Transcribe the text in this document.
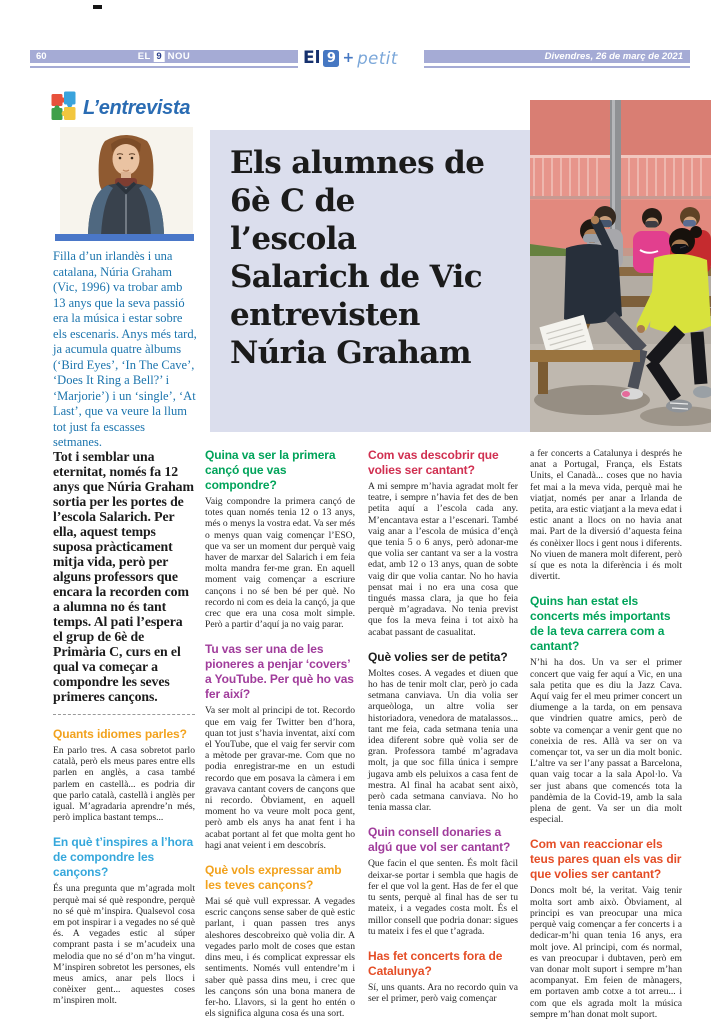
60	EL 9 NOU	El 9 + petit	Divendres, 26 de març de 2021
L’entrevista
Els alumnes de 6è C de l’escola Salarich de Vic entrevisten Núria Graham

Filla d’un irlandès i una catalana, Núria Graham (Vic, 1996) va trobar amb 13 anys que la seva passió era la música i estar sobre els escenaris. Anys més tard, ja acumula quatre àlbums (‘Bird Eyes’, ‘In The Cave’, ‘Does It Ring a Bell?’ i ‘Marjorie’) i un ‘single’, ‘At Last’, que va veure la llum tot just fa escasses setmanes.

Tot i semblar una eternitat, només fa 12 anys que Núria Graham sortia per les portes de l’escola Salarich. Per ella, aquest temps suposa pràcticament mitja vida, però per alguns professors que encara la recorden com a alumna no és tant temps. Al pati l’espera el grup de 6è de Primària C, curs en el qual va começar a compondre les seves primeres cançons.

Quants idiomes parles?

En parlo tres. A casa sobretot parlo català, però els meus pares entre ells parlen en anglès, a casa també parlem en castellà... es podria dir que parlo català, castellà i anglès per igual. M’agradaria aprendre’n més, però implica bastant temps...

En què t’inspires a l’hora de compondre les cançons?

És una pregunta que m’agrada molt perquè mai sé què respondre, perquè no sé què m’inspira. Qualsevol cosa em pot inspirar i a vegades no sé què és. A vegades estic al súper comprant pasta i se m’acudeix una melodia que no sé d’on m’ha vingut. M’inspiren sobretot les persones, els meus amics, anar pels llocs i conèixer gent... aquestes coses m’inspiren molt.

Quina va ser la primera cançó que vas compondre?

Vaig compondre la primera cançó de totes quan només tenia 12 o 13 anys, més o menys la vostra edat. Va ser més o menys quan vaig començar l’ESO, que va ser un moment dur perquè vaig haver de marxar del Salarich i em feia molta mandra fer-me gran. En aquell moment vaig començar a escriure cançons i no sé ben bé per què. No recordo ni com es deia la cançó, ja que crec que era una cosa molt simple. Però a partir d’aquí ja no vaig parar.

Tu vas ser una de les pioneres a penjar ‘covers’ a YouTube. Per què ho vas fer així?

Va ser molt al principi de tot. Recordo que em vaig fer Twitter ben d’hora, quan tot just s’havia inventat, així com el YouTube, que el vaig fer servir com a mètode per gravar-me. Com que no podia enregistrar-me en un estudi recordo que em posava la càmera i em gravava cantant covers de cançons que ni recordo. Òbviament, en aquell moment ho va veure molt poca gent, però amb els anys ha anat fent i ha acabat portant al fet que molta gent ho hagi anat veient i em descobrís.

Què vols expressar amb les teves cançons?

Mai sé què vull expressar. A vegades escric cançons sense saber de què estic parlant, i quan passen tres anys aleshores descobreixo què volia dir. A vegades parlo molt de coses que estan dins meu, i és complicat expressar els sentiments. Només vull entendre’m i saber què passa dins meu, i crec que les cançons són una bona manera de fer-ho. Llavors, si la gent ho entén o els significa alguna cosa és una sort.

Com vas descobrir que volies ser cantant?

A mi sempre m’havia agradat molt fer teatre, i sempre n’havia fet des de ben petita aquí a l’escola cada any. M’encantava estar a l’escenari. També vaig anar a l’escola de música d’ençà que tenia 5 o 6 anys, però adonar-me que volia ser cantant va ser a la vostra edat, amb 12 o 13 anys, quan de sobte vaig dir que volia cantar. No ho havia pensat mai i no era una cosa que tingués massa clara, ja que ho feia perquè m’agradava. No tenia previst que fos la meva feina i tot això ha acabat passant de casualitat.

Què volies ser de petita?

Moltes coses. A vegades et diuen que ho has de tenir molt clar, però jo cada setmana canviava. Un dia volia ser arqueòloga, un altre volia ser historiadora, venedora de matalassos... tant me feia, cada setmana tenia una idea diferent sobre què volia ser de gran. Professora també m’agradava molt, ja que soc filla única i sempre jugava amb els peluixos a casa fent de mestra. Al final ha acabat sent això, però cada setmana canviava. No ho tenia massa clar.

Quin consell donaries a algú que vol ser cantant?

Que facin el que senten. És molt fàcil deixar-se portar i sembla que hagis de fer el que vol la gent. Has de fer el que tu sents, perquè al final has de ser tu mateix, i a vegades costa molt. És el millor consell que podria donar: sigues tu mateix i fes el que t’agrada.

Has fet concerts fora de Catalunya?

Sí, uns quants. Ara no recordo quin va ser el primer, però vaig començar

a fer concerts a Catalunya i després he anat a Portugal, França, els Estats Units, el Canadà... coses que no havia fet mai a la meva vida, perquè mai he viatjat, només per anar a Irlanda de petita, ara estic viatjant a la meva edat i estic anant a llocs on no havia anat mai. Part de la diversió d’aquesta feina és conèixer llocs i gent nous i diferents. No viuen de manera molt diferent, però sí que es nota la diferència i és molt divertit.

Quins han estat els concerts més importants de la teva carrera com a cantant?

N’hi ha dos. Un va ser el primer concert que vaig fer aquí a Vic, en una sala petita que es diu la Jazz Cava. Aquí vaig fer el meu primer concert un diumenge a la tarda, on em pensava que vindrien quatre amics, però de sobte va començar a venir gent que no coneixia de res. Allà va ser on va començar tot, va ser un dia molt bonic. L’altre va ser l’any passat a Barcelona, quan vaig tocar a la sala Apol·lo. Va ser just abans que comencés tota la pandèmia de la Covid-19, amb la sala plena de gent. Va ser un dia molt especial.

Com van reaccionar els teus pares quan els vas dir que volies ser cantant?

Doncs molt bé, la veritat. Vaig tenir molta sort amb això. Òbviament, al principi es van preocupar una mica perquè vaig començar a fer concerts i a dedicar-m’hi quan tenia 16 anys, era molt jove. Al principi, com és normal, es van preocupar i dubtaven, però em van donar molt suport i sempre m’han acompanyat. Em feien de mànagers, em portaven amb cotxe a tot arreu... i com que els agrada molt la música sempre m’han donat molt suport.
